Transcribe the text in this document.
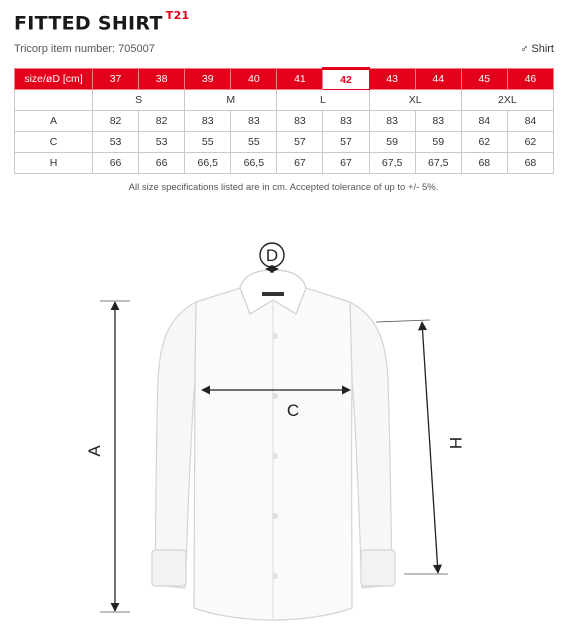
FITTED SHIRT $^{T21}$
Tricorp item number: 705007	♂ Shirt
size/øD [cm]	37	38	39	40	41	42	43	44	45	46
	S		M		L		XL		2XL	
A	82	82	83	83	83	83	83	83	84	84
C	53	53	55	55	57	57	59	59	62	62
H	66	66	66,5	66,5	67	67	67,5	67,5	68	68
All size specifications listed are in cm. Accepted tolerance of up to +/- 5%.
D
C
A
H
